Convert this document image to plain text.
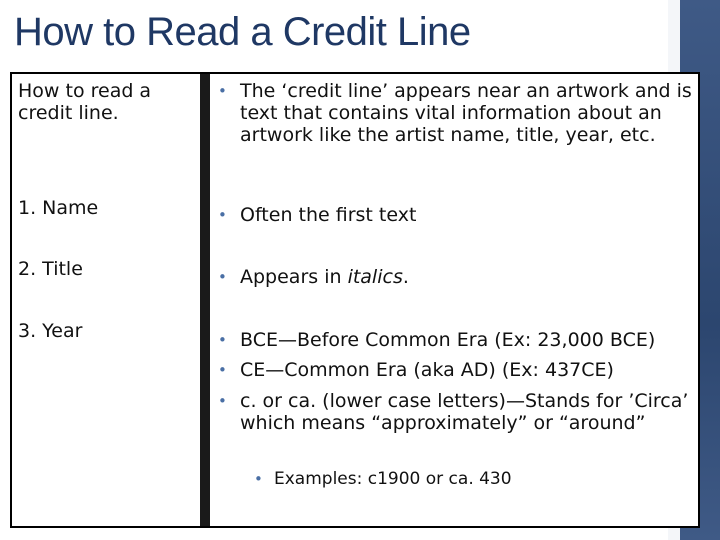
How to Read a Credit Line
How to read a credit line.
1. Name
2. Title
3. Year
• The ‘credit line’ appears near an artwork and is text that contains vital information about an artwork like the artist name, title, year, etc.
• Often the first text
• Appears in italics.
• BCE—Before Common Era (Ex: 23,000 BCE)
• CE—Common Era (aka AD) (Ex: 437CE)
• c. or ca. (lower case letters)—Stands for ’Circa’ which means “approximately” or “around”
• Examples: c1900 or ca. 430
